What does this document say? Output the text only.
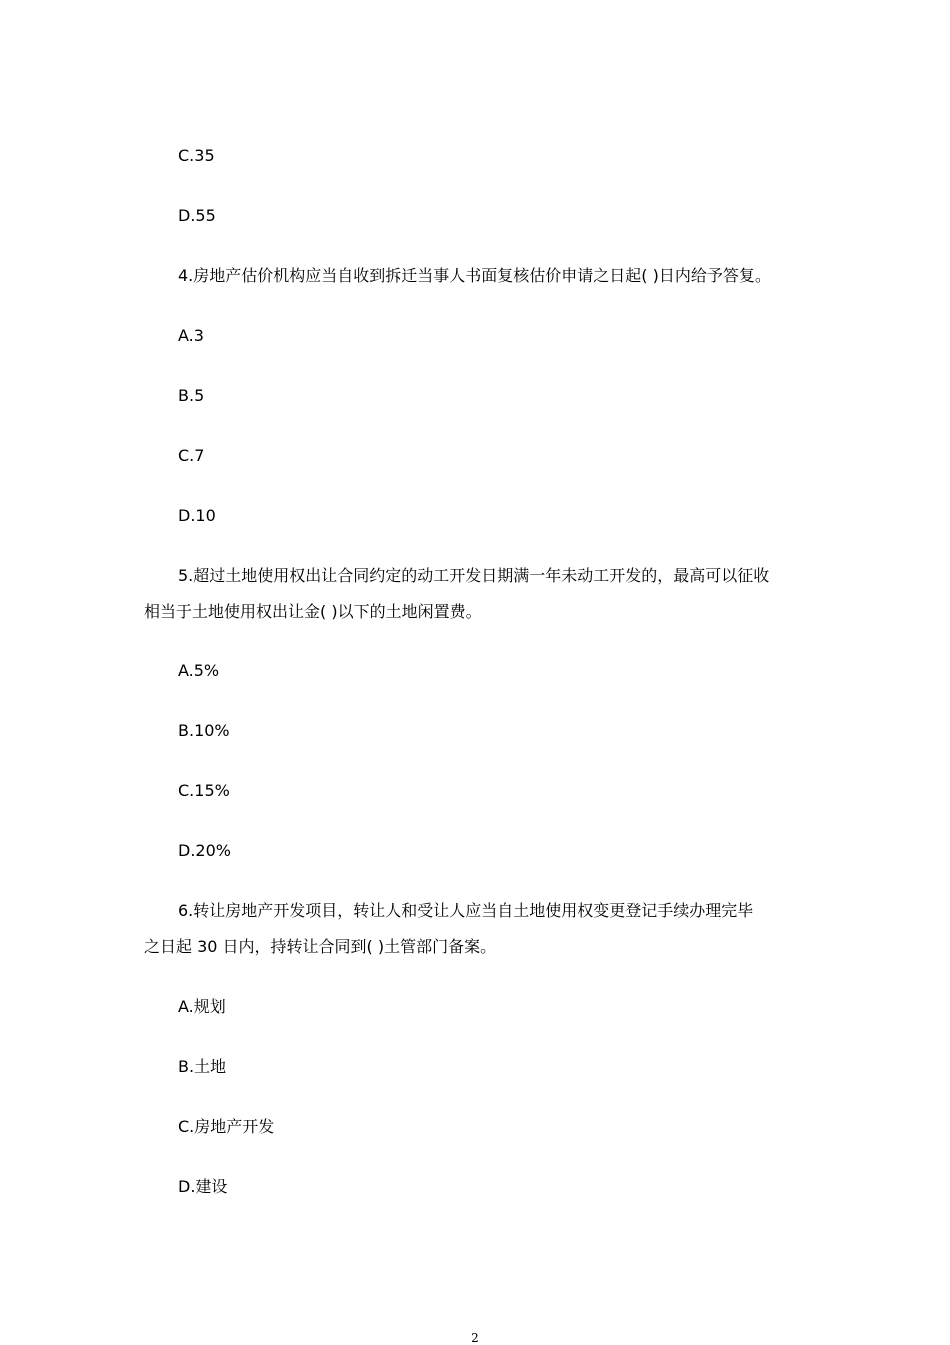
C.35
D.55
4.房地产估价机构应当自收到拆迁当事人书面复核估价申请之日起( )日内给予答复。
A.3
B.5
C.7
D.10
5.超过土地使用权出让合同约定的动工开发日期满一年未动工开发的，最高可以征收
相当于土地使用权出让金( )以下的土地闲置费。
A.5%
B.10%
C.15%
D.20%
6.转让房地产开发项目，转让人和受让人应当自土地使用权变更登记手续办理完毕
之日起 30 日内，持转让合同到( )土管部门备案。
A.规划
B.土地
C.房地产开发
D.建设
2
